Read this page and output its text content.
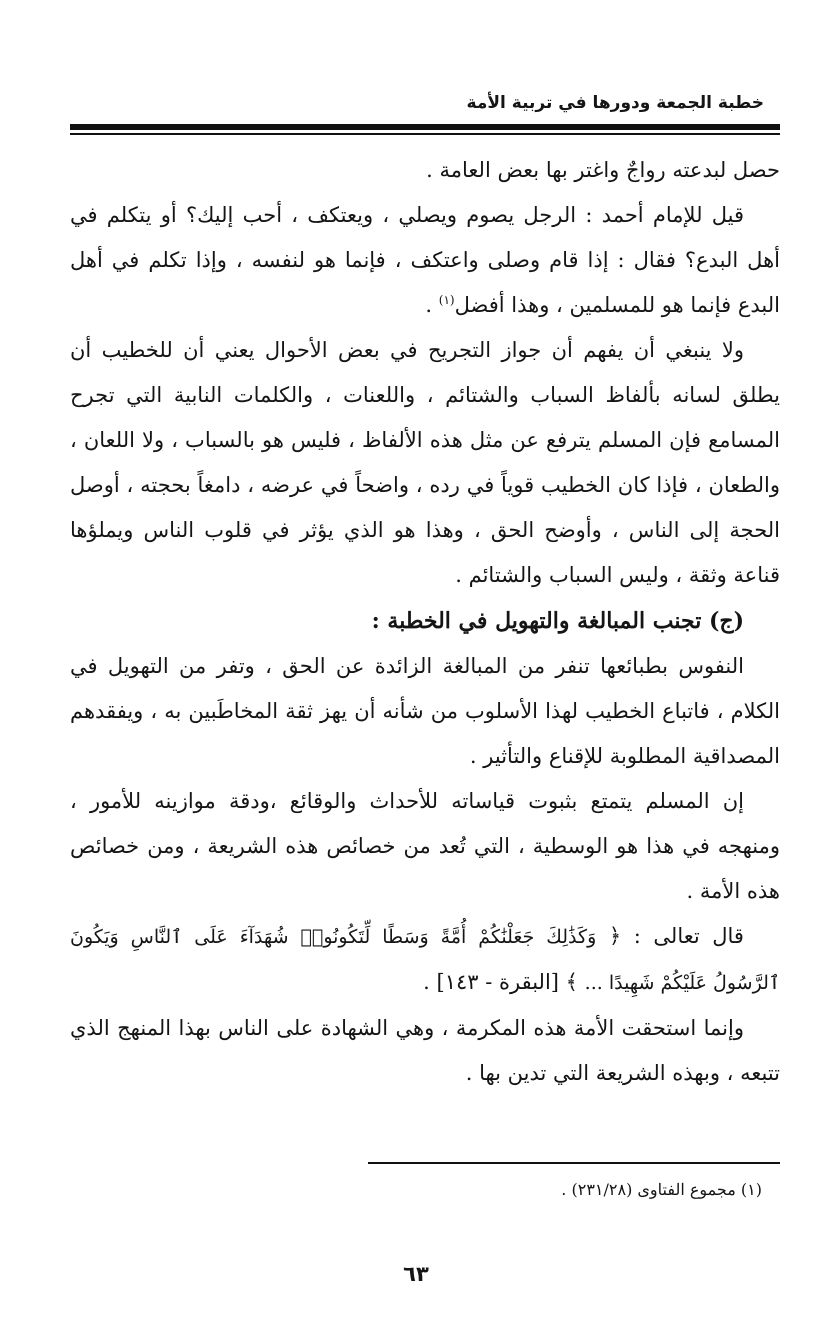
خطبة الجمعة ودورها في تربية الأمة

حصل لبدعته رواجٌ واغتر بها بعض العامة .

قيل للإمام أحمد : الرجل يصوم ويصلي ، ويعتكف ، أحب إليك؟ أو يتكلم في أهل البدع؟ فقال : إذا قام وصلى واعتكف ، فإنما هو لنفسه ، وإذا تكلم في أهل البدع فإنما هو للمسلمين ، وهذا أفضل$^{(١)}$ .

ولا ينبغي أن يفهم أن جواز التجريح في بعض الأحوال يعني أن للخطيب أن يطلق لسانه بألفاظ السباب والشتائم ، واللعنات ، والكلمات النابية التي تجرح المسامع فإن المسلم يترفع عن مثل هذه الألفاظ ، فليس هو بالسباب ، ولا اللعان ، والطعان ، فإذا كان الخطيب قوياً في رده ، واضحاً في عرضه ، دامغاً بحجته ، أوصل الحجة إلى الناس ، وأوضح الحق ، وهذا هو الذي يؤثر في قلوب الناس ويملؤها قناعة وثقة ، وليس السباب والشتائم .

(ج) تجنب المبالغة والتهويل في الخطبة :

النفوس بطبائعها تنفر من المبالغة الزائدة عن الحق ، وتفر من التهويل في الكلام ، فاتباع الخطيب لهذا الأسلوب من شأنه أن يهز ثقة المخاطَبين به ، ويفقدهم المصداقية المطلوبة للإقناع والتأثير .

إن المسلم يتمتع بثبوت قياساته للأحداث والوقائع ،ودقة موازينه للأمور ، ومنهجه في هذا هو الوسطية ، التي تُعد من خصائص هذه الشريعة ، ومن خصائص هذه الأمة .

قال تعالى : ﴿ وَكَذَٰلِكَ جَعَلْنَٰكُمْ أُمَّةً وَسَطًا لِّتَكُونُوا۟ شُهَدَآءَ عَلَى ٱلنَّاسِ وَيَكُونَ ٱلرَّسُولُ عَلَيْكُمْ شَهِيدًا ... ﴾ [البقرة - ١٤٣] .

وإنما استحقت الأمة هذه المكرمة ، وهي الشهادة على الناس بهذا المنهج الذي تتبعه ، وبهذه الشريعة التي تدين بها .

(١) مجموع الفتاوى (٢٣١/٢٨) .
٦٣
